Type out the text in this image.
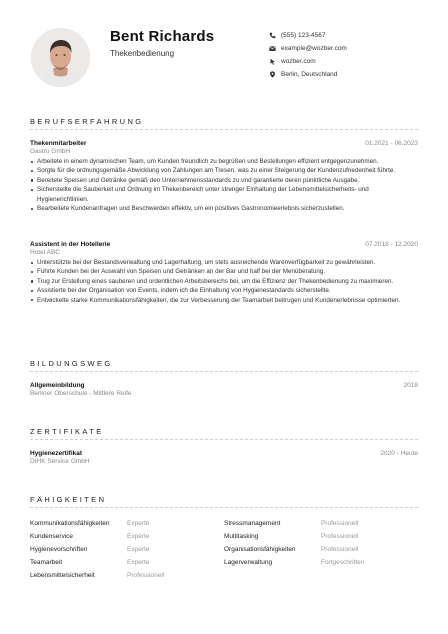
Bent Richards
Thekenbedienung
(555) 123-4567
example@wozber.com
wozber.com
Berlin, Deutschland
BERUFSERFAHRUNG
Thekenmitarbeiter	01.2021 - 06.2023
Gastro GmbH
Arbeitete in einem dynamischen Team, um Kunden freundlich zu begrüßen und Bestellungen effizient entgegenzunehmen.
Sorgte für die ordnungsgemäße Abwicklung von Zahlungen am Tresen, was zu einer Steigerung der Kundenzufriedenheit führte.
Bereitete Speisen und Getränke gemäß den Unternehmensstandards zu und garantierte deren pünktliche Ausgabe.
Sicherstellte die Sauberkeit und Ordnung im Thekenbereich unter strenger Einhaltung der Lebensmittelsicherheits- und Hygienerichtlinien.
Bearbeitete Kundenanfragen und Beschwerden effektiv, um ein positives Gastronomieerlebnis sicherzustellen.
Assistent in der Hotellerie	07.2018 - 12.2020
Hotel ABC
Unterstützte bei der Bestandsverwaltung und Lagerhaltung, um stets ausreichende Warenverfügbarkeit zu gewährleisten.
Führte Kunden bei der Auswahl von Speisen und Getränken an der Bar und half bei der Menüberatung.
Trug zur Erstellung eines sauberen und ordentlichen Arbeitsbereichs bei, um die Effizienz der Thekenbedienung zu maximieren.
Assistierte bei der Organisation von Events, indem ich die Einhaltung von Hygienestandards sicherstellte.
Entwickelte starke Kommunikationsfähigkeiten, die zur Verbesserung der Teamarbeit beitrugen und Kundenerlebnisse optimierten.
BILDUNGSWEG
Allgemeinbildung	2018
Berliner Oberschule - Mittlere Reife
ZERTIFIKATE
Hygienezertifikat	2020 - Heute
DIHK Service GmbH
FÄHIGKEITEN
Kommunikationsfähigkeiten	Experte	Stressmanagement	Professionell
Kundenservice	Experte	Multitasking	Professionell
Hygienevorschriften	Experte	Organisationsfähigkeiten	Professionell
Teamarbeit	Experte	Lagerverwaltung	Fortgeschritten
Lebensmittelsicherheit	Professionell
